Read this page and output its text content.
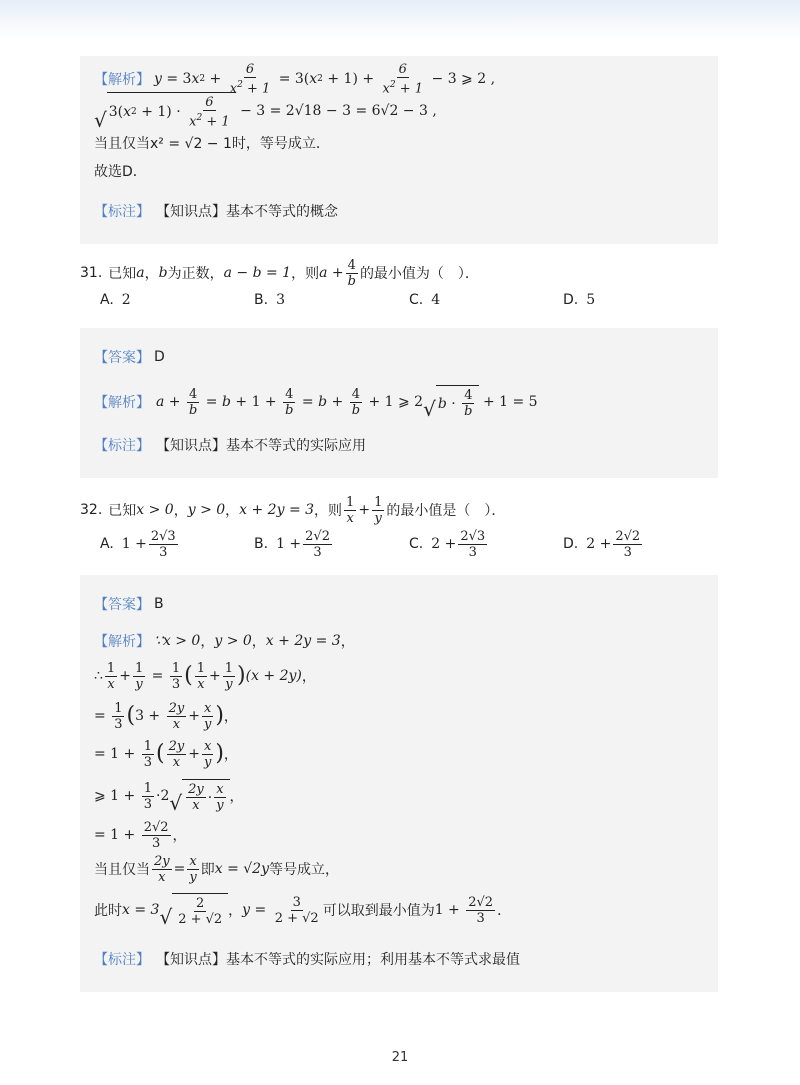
【解析】 y = 3 x $2 + \frac{6}{x^2 + 1} = 3$( x $2 + 1) + \frac{6}{x^2 + 1} - 3$ ⩾ 2 ,
√ 3( x $2 + 1) \cdot \frac{6}{x^2 + 1} - 3 = 2√18 - 3 = 6√2 - 3$ ,
当且仅当x² = √2 − 1时，等号成立．
故选D．
【标注】 【知识点】基本不等式的概念
31. 已知 a ， b 为正数， a − b = 1 ，则 $a + \frac{4}{b}$ 的最小值为（　）．
A. 2	B. 3	C. 4	D. 5
【答案】 D
【解析】 $a + \frac{4}{b} = b + 1 + \frac{4}{b} = b + \frac{4}{b} + 1$ ⩾ 2 √ $b \cdot \frac{4}{b} + 1 = 5$
【标注】 【知识点】基本不等式的实际应用
32. 已知 x > 0 ， y > 0 ， x + 2y = 3 ，则 $\frac{1}{x} + \frac{1}{y}$ 的最小值是（　）．
A. $1 + \frac{2√3}{3}$	B. $1 + \frac{2√2}{3}$	C. $2 + \frac{2√3}{3}$	D. $2 + \frac{2√2}{3}$
【答案】 B
【解析】 ∵x > 0 ， y > 0 ， x + 2y = 3 ，
∴ $\frac{1}{x} + \frac{1}{y} = \frac{1}{3}$ ( $\frac{1}{x} + \frac{1}{y}$ ) (x + 2y) ，
= $\frac{1}{3}$ ( $3 + \frac{2y}{x} + \frac{x}{y}$ ) ，
= $1 + \frac{1}{3}$ ( $\frac{2y}{x} + \frac{x}{y}$ ) ，
⩾ $1 + \frac{1}{3} \cdot 2$ √ $\frac{2y}{x} \cdot \frac{x}{y}$ ，
= $1 + \frac{2√2}{3}$ ，
当且仅当 $\frac{2y}{x} = \frac{x}{y}$ 即 x = √2y 等号成立，
此时 x = 3 √ $\frac{2}{2 + √2}$ ， $y = \frac{3}{2 + √2}$ 可以取到最小值为 $1 + \frac{2√2}{3}$ ．
【标注】 【知识点】基本不等式的实际应用；利用基本不等式求最值
21
